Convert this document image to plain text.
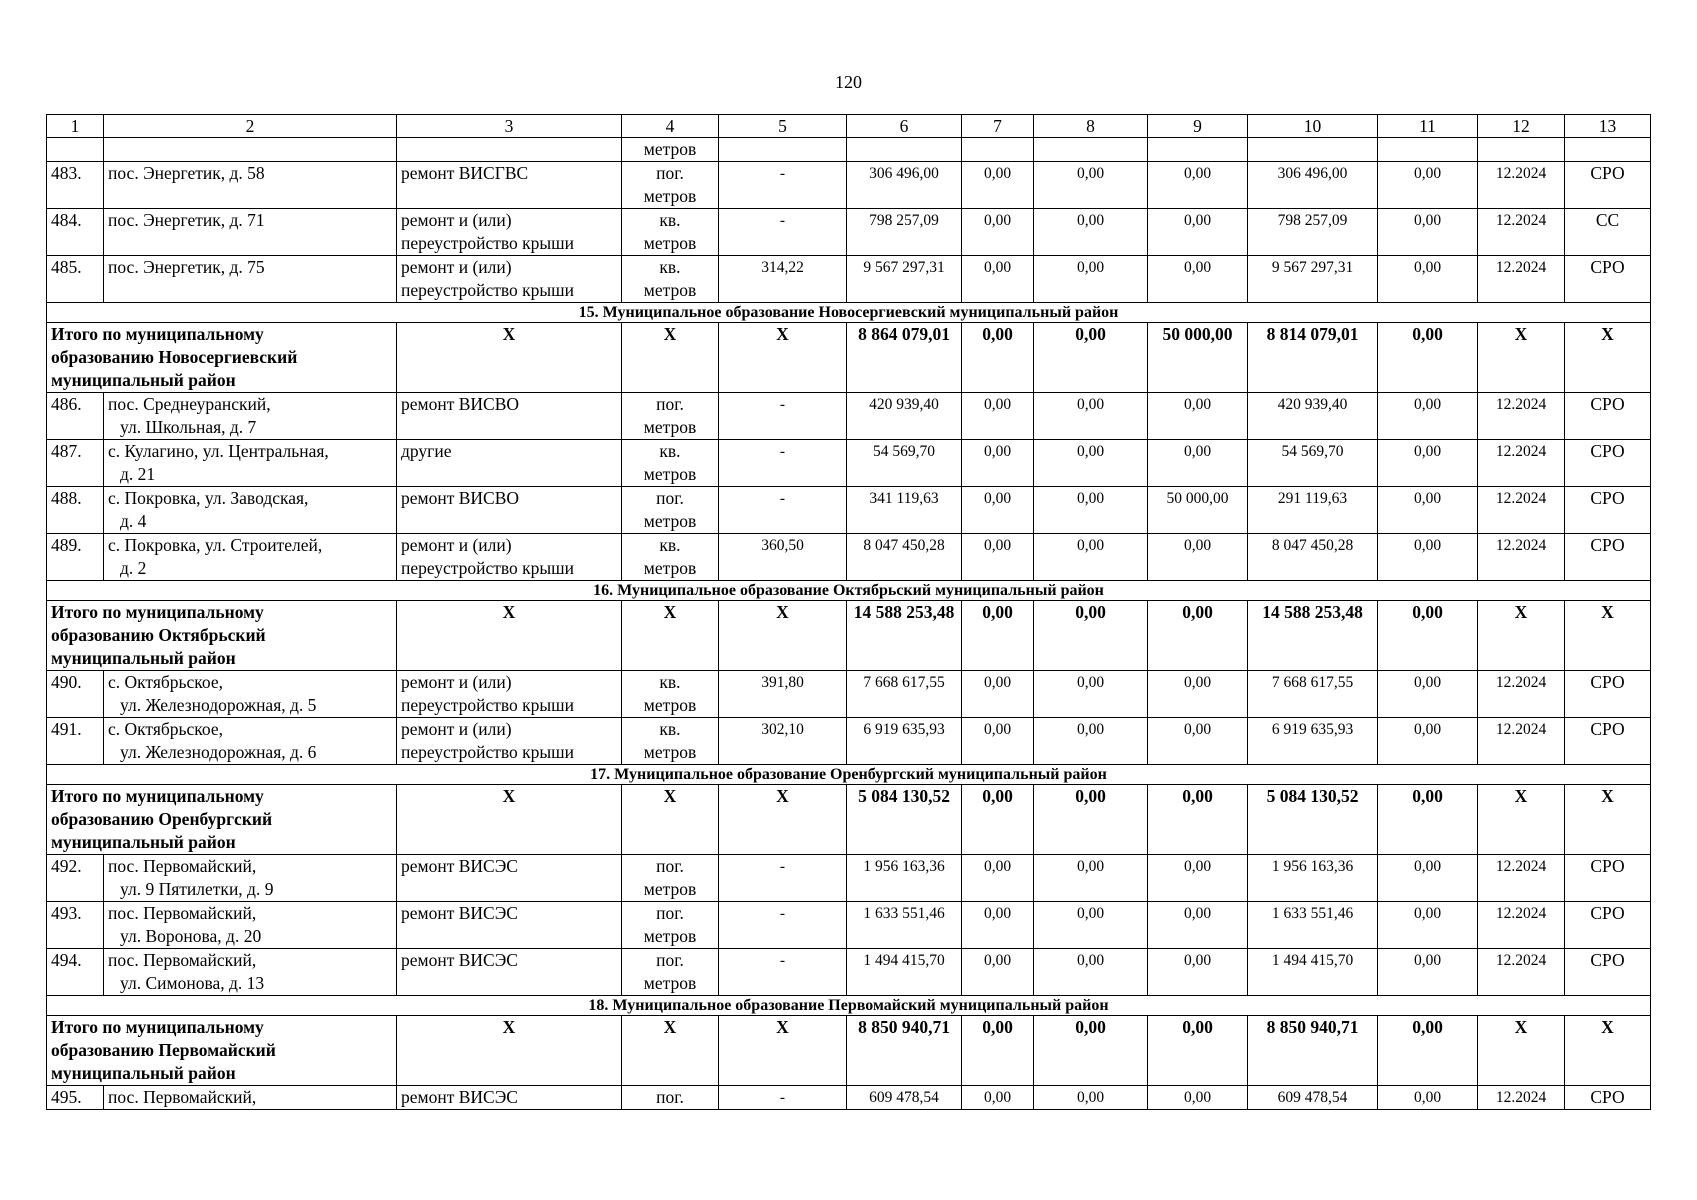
120
1	2	3	4	5	6	7	8	9	10	11	12	13
			метров									
483.	пос. Энергетик, д. 58	ремонт ВИСГВС	пог.
метров	-	306 496,00	0,00	0,00	0,00	306 496,00	0,00	12.2024	СРО
484.	пос. Энергетик, д. 71	ремонт и (или)
переустройство крыши	кв.
метров	-	798 257,09	0,00	0,00	0,00	798 257,09	0,00	12.2024	СС
485.	пос. Энергетик, д. 75	ремонт и (или)
переустройство крыши	кв.
метров	314,22	9 567 297,31	0,00	0,00	0,00	9 567 297,31	0,00	12.2024	СРО
15. Муниципальное образование Новосергиевский муниципальный район												

Итого по муниципальному
образованию Новосергиевский
муниципальный район		X	X	X	8 864 079,01	0,00	0,00	50 000,00	8 814 079,01	0,00	X	X
486.	пос. Среднеуранский,
ул. Школьная, д. 7	ремонт ВИСВО	пог.
метров	-	420 939,40	0,00	0,00	0,00	420 939,40	0,00	12.2024	СРО
487.	с. Кулагино, ул. Центральная,
д. 21	другие	кв.
метров	-	54 569,70	0,00	0,00	0,00	54 569,70	0,00	12.2024	СРО
488.	с. Покровка, ул. Заводская,
д. 4	ремонт ВИСВО	пог.
метров	-	341 119,63	0,00	0,00	50 000,00	291 119,63	0,00	12.2024	СРО
489.	с. Покровка, ул. Строителей,
д. 2	ремонт и (или)
переустройство крыши	кв.
метров	360,50	8 047 450,28	0,00	0,00	0,00	8 047 450,28	0,00	12.2024	СРО
16. Муниципальное образование Октябрьский муниципальный район												

Итого по муниципальному
образованию Октябрьский
муниципальный район		X	X	X	14 588 253,48	0,00	0,00	0,00	14 588 253,48	0,00	X	X
490.	с. Октябрьское,
ул. Железнодорожная, д. 5	ремонт и (или)
переустройство крыши	кв.
метров	391,80	7 668 617,55	0,00	0,00	0,00	7 668 617,55	0,00	12.2024	СРО
491.	с. Октябрьское,
ул. Железнодорожная, д. 6	ремонт и (или)
переустройство крыши	кв.
метров	302,10	6 919 635,93	0,00	0,00	0,00	6 919 635,93	0,00	12.2024	СРО
17. Муниципальное образование Оренбургский муниципальный район												

Итого по муниципальному
образованию Оренбургский
муниципальный район		X	X	X	5 084 130,52	0,00	0,00	0,00	5 084 130,52	0,00	X	X
492.	пос. Первомайский,
ул. 9 Пятилетки, д. 9	ремонт ВИСЭС	пог.
метров	-	1 956 163,36	0,00	0,00	0,00	1 956 163,36	0,00	12.2024	СРО
493.	пос. Первомайский,
ул. Воронова, д. 20	ремонт ВИСЭС	пог.
метров	-	1 633 551,46	0,00	0,00	0,00	1 633 551,46	0,00	12.2024	СРО
494.	пос. Первомайский,
ул. Симонова, д. 13	ремонт ВИСЭС	пог.
метров	-	1 494 415,70	0,00	0,00	0,00	1 494 415,70	0,00	12.2024	СРО
18. Муниципальное образование Первомайский муниципальный район												

Итого по муниципальному
образованию Первомайский
муниципальный район		X	X	X	8 850 940,71	0,00	0,00	0,00	8 850 940,71	0,00	X	X
495.	пос. Первомайский,	ремонт ВИСЭС	пог.	-	609 478,54	0,00	0,00	0,00	609 478,54	0,00	12.2024	СРО
